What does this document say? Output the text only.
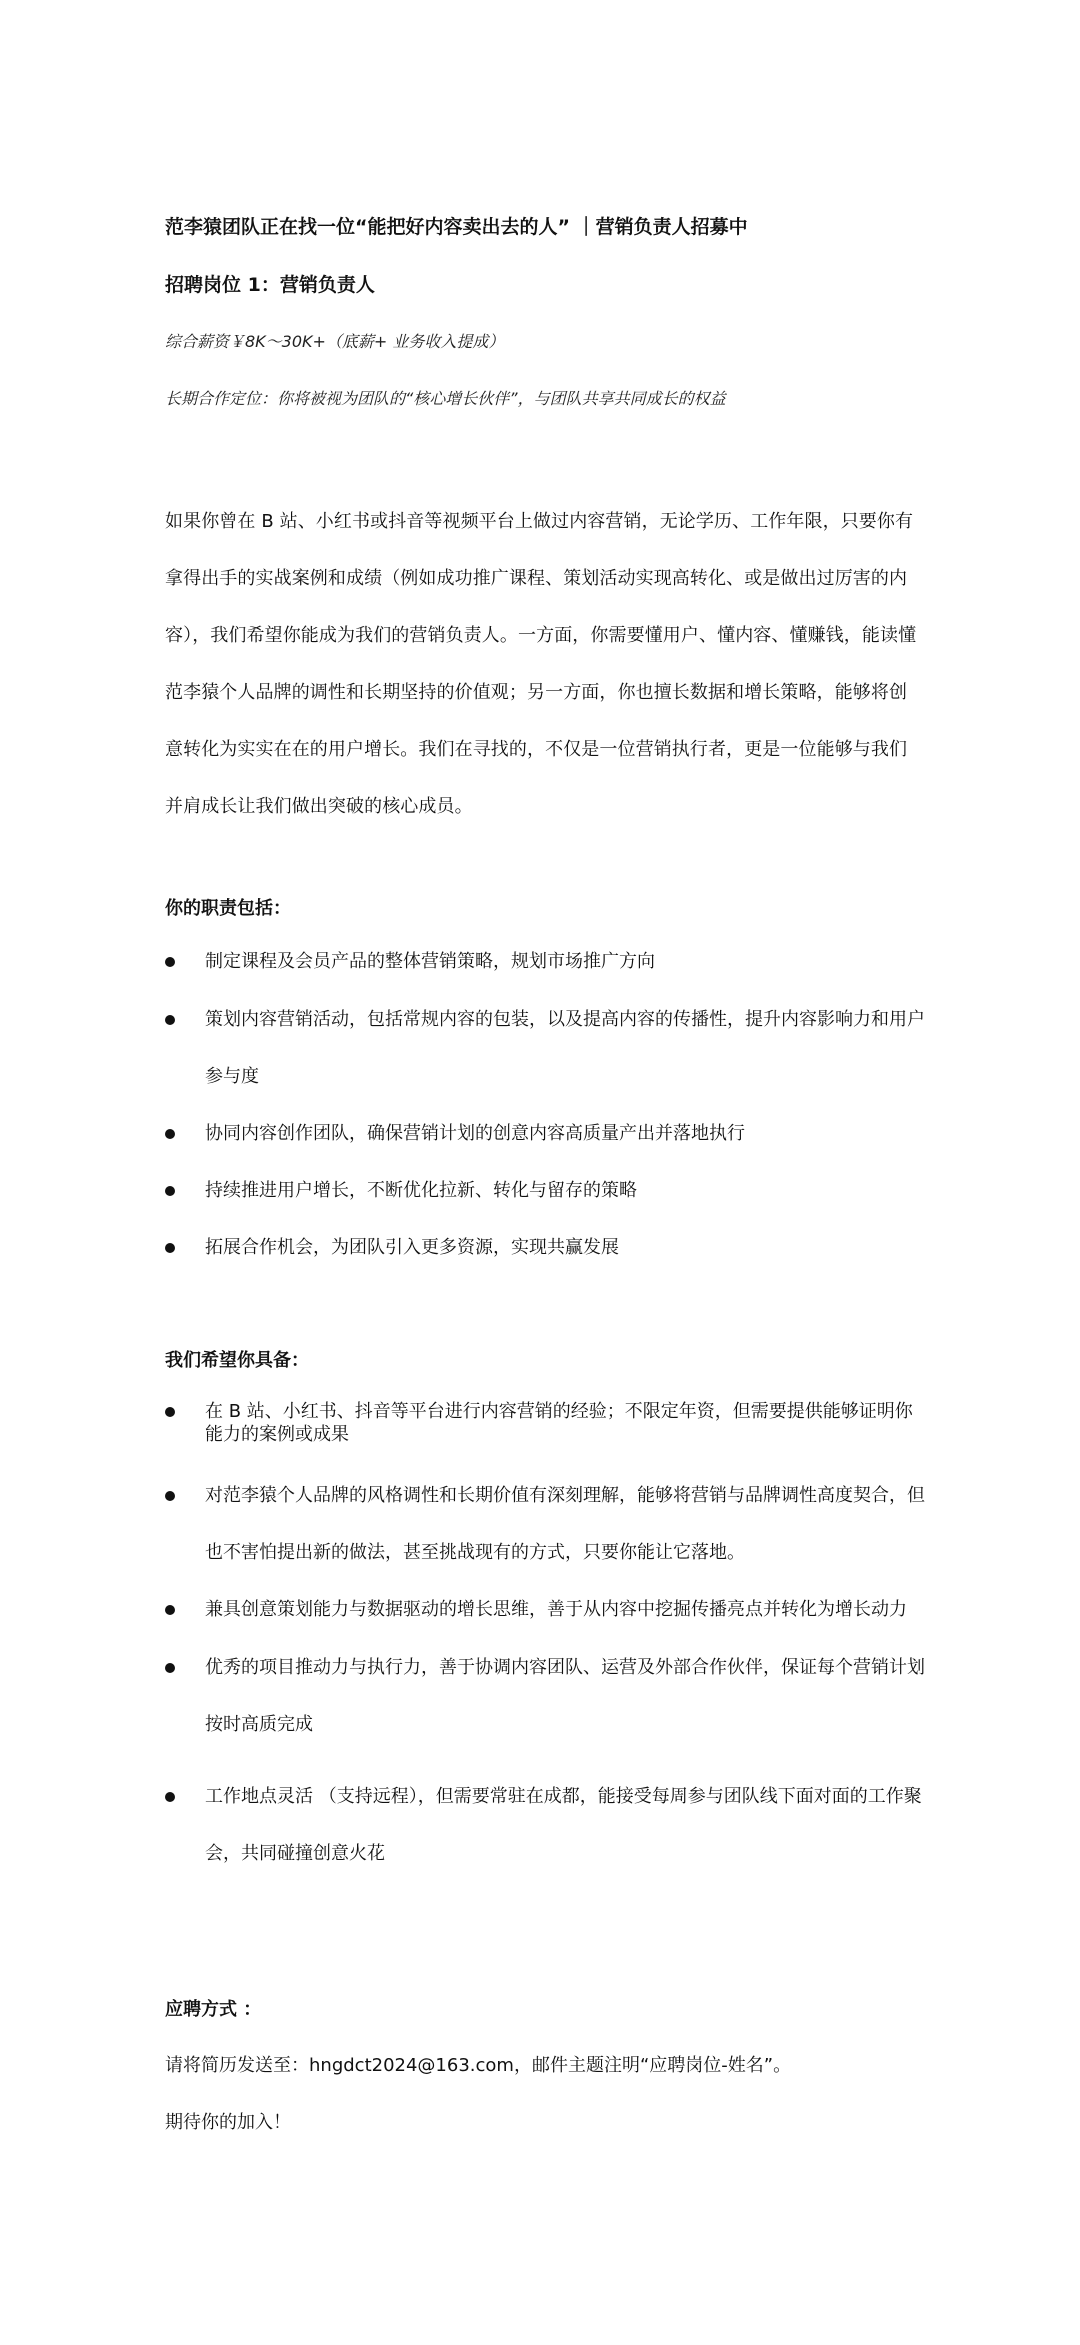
范李猿团队正在找一位“能把好内容卖出去的人” ｜营销负责人招募中
招聘岗位 1：营销负责人
综合薪资￥8K～30K+（底薪+ 业务收入提成）
长期合作定位：你将被视为团队的“核心增长伙伴”，与团队共享共同成长的权益
如果你曾在 B 站、小红书或抖音等视频平台上做过内容营销，无论学历、工作年限，只要你有拿得出手的实战案例和成绩（例如成功推广课程、策划活动实现高转化、或是做出过厉害的内容），我们希望你能成为我们的营销负责人。一方面，你需要懂用户、懂内容、懂赚钱，能读懂范李猿个人品牌的调性和长期坚持的价值观；另一方面，你也擅长数据和增长策略，能够将创意转化为实实在在的用户增长。我们在寻找的，不仅是一位营销执行者，更是一位能够与我们并肩成长让我们做出突破的核心成员。
你的职责包括：
制定课程及会员产品的整体营销策略，规划市场推广方向
策划内容营销活动，包括常规内容的包装，以及提高内容的传播性，提升内容影响力和用户参与度
协同内容创作团队，确保营销计划的创意内容高质量产出并落地执行
持续推进用户增长，不断优化拉新、转化与留存的策略
拓展合作机会，为团队引入更多资源，实现共赢发展
我们希望你具备：
在 B 站、小红书、抖音等平台进行内容营销的经验；不限定年资，但需要提供能够证明你能力的案例或成果
对范李猿个人品牌的风格调性和长期价值有深刻理解，能够将营销与品牌调性高度契合，但也不害怕提出新的做法，甚至挑战现有的方式，只要你能让它落地。
兼具创意策划能力与数据驱动的增长思维，善于从内容中挖掘传播亮点并转化为增长动力
优秀的项目推动力与执行力，善于协调内容团队、运营及外部合作伙伴，保证每个营销计划按时高质完成
工作地点灵活 （支持远程），但需要常驻在成都，能接受每周参与团队线下面对面的工作聚会，共同碰撞创意火花
应聘方式 ：
请将简历发送至：hngdct2024@163.com，邮件主题注明“应聘岗位-姓名”。
期待你的加入！
